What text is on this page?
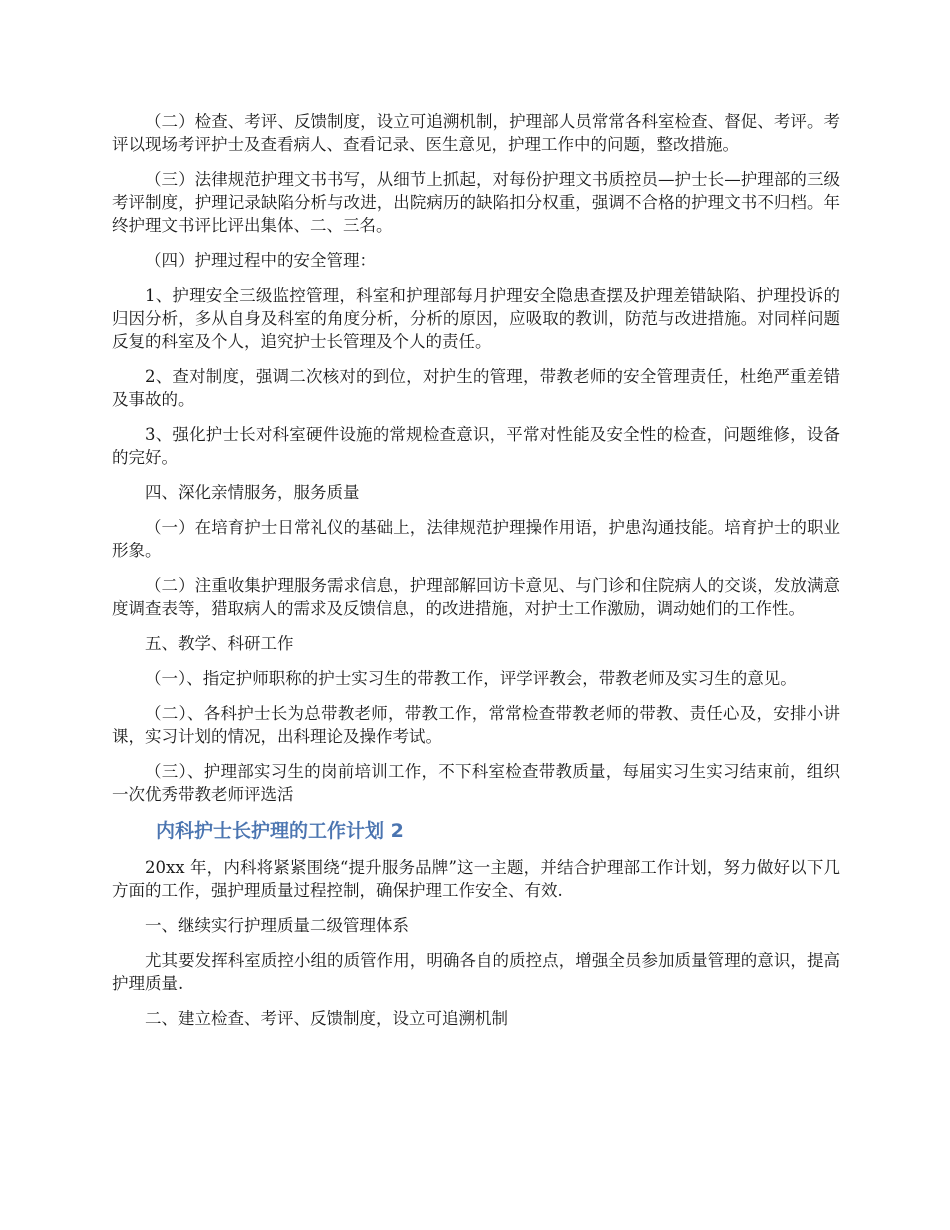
（二）检查、考评、反馈制度，设立可追溯机制，护理部人员常常各科室检查、督促、考评。考评以现场考评护士及查看病人、查看记录、医生意见，护理工作中的问题，整改措施。

（三）法律规范护理文书书写，从细节上抓起，对每份护理文书质控员—护士长—护理部的三级考评制度，护理记录缺陷分析与改进，出院病历的缺陷扣分权重，强调不合格的护理文书不归档。年终护理文书评比评出集体、二、三名。

（四）护理过程中的安全管理：

1、护理安全三级监控管理，科室和护理部每月护理安全隐患查摆及护理差错缺陷、护理投诉的归因分析，多从自身及科室的角度分析，分析的原因，应吸取的教训，防范与改进措施。对同样问题反复的科室及个人，追究护士长管理及个人的责任。

2、查对制度，强调二次核对的到位，对护生的管理，带教老师的安全管理责任，杜绝严重差错及事故的。

3、强化护士长对科室硬件设施的常规检查意识，平常对性能及安全性的检查，问题维修，设备的完好。

四、深化亲情服务，服务质量

（一）在培育护士日常礼仪的基础上，法律规范护理操作用语，护患沟通技能。培育护士的职业形象。

（二）注重收集护理服务需求信息，护理部解回访卡意见、与门诊和住院病人的交谈，发放满意度调查表等，猎取病人的需求及反馈信息，的改进措施，对护士工作激励，调动她们的工作性。

五、教学、科研工作

（一）、指定护师职称的护士实习生的带教工作，评学评教会，带教老师及实习生的意见。

（二）、各科护士长为总带教老师，带教工作，常常检查带教老师的带教、责任心及，安排小讲课，实习计划的情况，出科理论及操作考试。

（三）、护理部实习生的岗前培训工作，不下科室检查带教质量，每届实习生实习结束前，组织一次优秀带教老师评选活

内科护士长护理的工作计划 2

20xx 年，内科将紧紧围绕“提升服务品牌”这一主题，并结合护理部工作计划，努力做好以下几方面的工作，强护理质量过程控制，确保护理工作安全、有效.

一、继续实行护理质量二级管理体系

尤其要发挥科室质控小组的质管作用，明确各自的质控点，增强全员参加质量管理的意识，提高护理质量.

二、建立检查、考评、反馈制度，设立可追溯机制
